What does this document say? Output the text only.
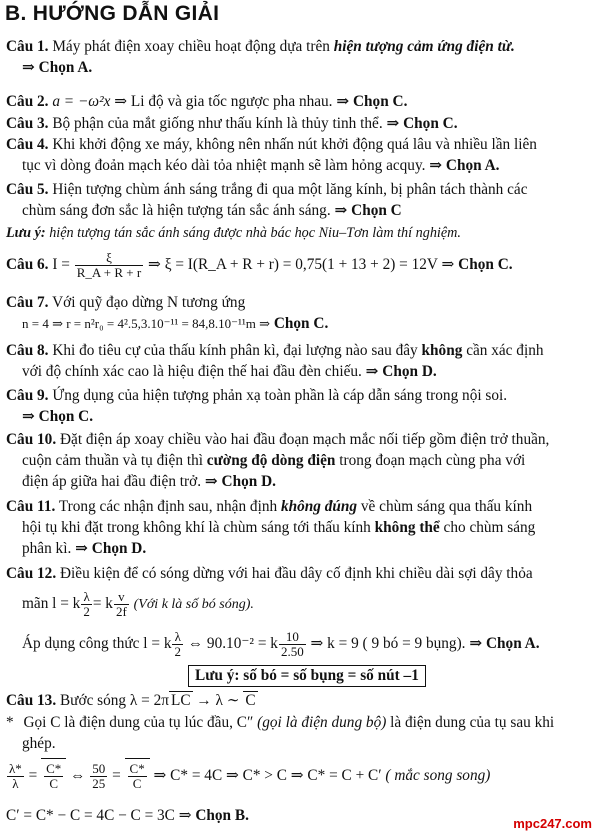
B. HƯỚNG DẪN GIẢI
Câu 1. Máy phát điện xoay chiều hoạt động dựa trên hiện tượng cảm ứng điện từ.
⇒ Chọn A.
Câu 2. a = −ω²x ⇒ Li độ và gia tốc ngược pha nhau. ⇒ Chọn C.
Câu 3. Bộ phận của mắt giống như thấu kính là thủy tinh thể. ⇒ Chọn C.
Câu 4. Khi khởi động xe máy, không nên nhấn nút khởi động quá lâu và nhiều lần liên
tục vì dòng đoản mạch kéo dài tỏa nhiệt mạnh sẽ làm hỏng acquy. ⇒ Chọn A.
Câu 5. Hiện tượng chùm ánh sáng trắng đi qua một lăng kính, bị phân tách thành các
chùm sáng đơn sắc là hiện tượng tán sắc ánh sáng. ⇒ Chọn C
Lưu ý: hiện tượng tán sắc ánh sáng được nhà bác học Niu–Tơn làm thí nghiệm.
Câu 6. $I = \frac{\xi}{R\_A + R + r}$ ⇒ ξ = I(R_A + R + r) = 0,75(1 + 13 + 2) = 12V ⇒ Chọn C.
Câu 7. Với quỹ đạo dừng N tương ứng
n = 4 ⇒ r = n²r₀ = 4².5,3.10⁻¹¹ = 84,8.10⁻¹¹m ⇒ Chọn C.
Câu 8. Khi đo tiêu cự của thấu kính phân kì, đại lượng nào sau đây không cần xác định
với độ chính xác cao là hiệu điện thế hai đầu đèn chiếu. ⇒ Chọn D.
Câu 9. Ứng dụng của hiện tượng phản xạ toàn phần là cáp dẫn sáng trong nội soi.
⇒ Chọn C.
Câu 10. Đặt điện áp xoay chiều vào hai đầu đoạn mạch mắc nối tiếp gồm điện trở thuần,
cuộn cảm thuần và tụ điện thì cường độ dòng điện trong đoạn mạch cùng pha với
điện áp giữa hai đầu điện trở. ⇒ Chọn D.
Câu 11. Trong các nhận định sau, nhận định không đúng về chùm sáng qua thấu kính
hội tụ khi đặt trong không khí là chùm sáng tới thấu kính không thể cho chùm sáng
phân kì. ⇒ Chọn D.
Câu 12. Điều kiện để có sóng dừng với hai đầu dây cố định khi chiều dài sợi dây thỏa
mãn l = k $\frac{\lambda}{2} = k \frac{v}{2f}$ (Với k là số bó sóng).
Áp dụng công thức l = k $\frac{\lambda}{2}$ ⇔ 90.10⁻² = k $\frac{10}{2.50}$ ⇒ k = 9 ( 9 bó = 9 bụng). ⇒ Chọn A.
Lưu ý: số bó = số bụng = số nút –1
Câu 13. Bước sóng λ = 2π LC → λ ∼ C
* Gọi C là điện dung của tụ lúc đầu, C″ (gọi là điện dung bộ) là điện dung của tụ sau khi
ghép.
$\frac{\lambda*}{\lambda} = \frac{C*}{C}$ ⇔ $\frac{50}{25} = \frac{C*}{C}$ ⇒ C* = 4C ⇒ C* > C ⇒ C* = C + C′ ( mắc song song)
C′ = C* − C = 4C − C = 3C ⇒ Chọn B.	mpc247.com
